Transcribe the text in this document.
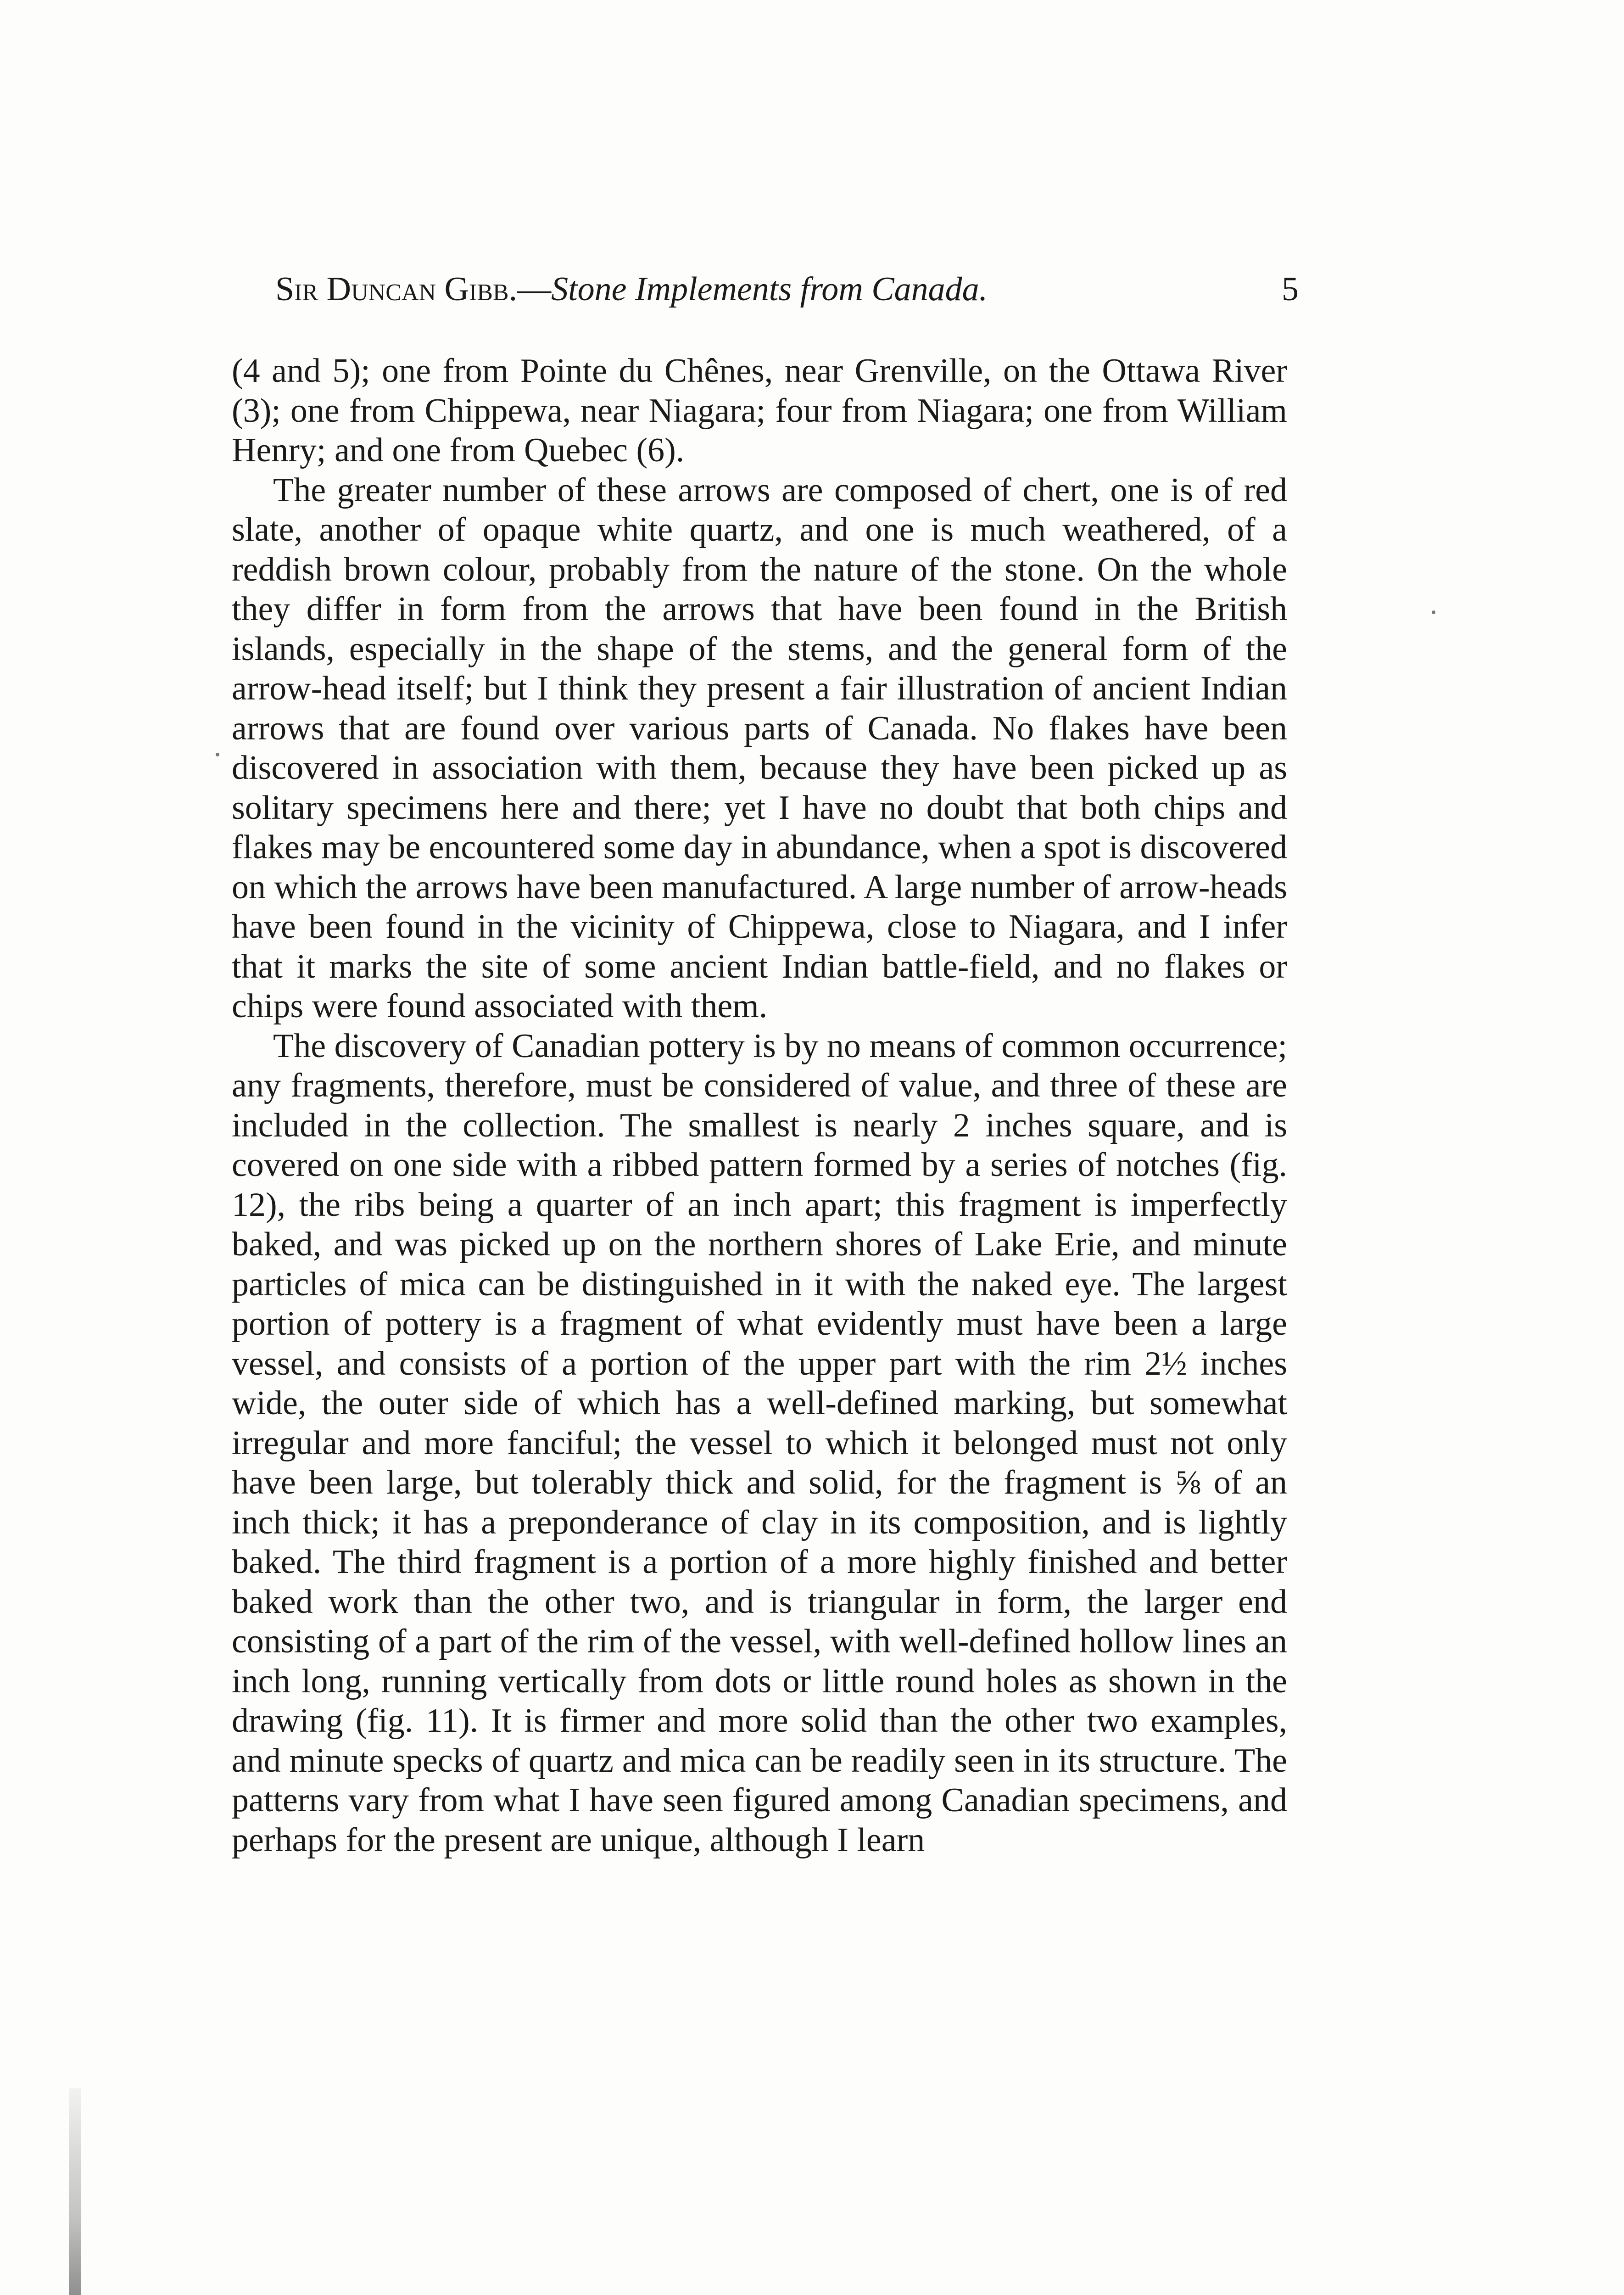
Sir Duncan Gibb.—Stone Implements from Canada.	5

(4 and 5); one from Pointe du Chênes, near Grenville, on the Ottawa River (3); one from Chippewa, near Niagara; four from Niagara; one from William Henry; and one from Quebec (6).

The greater number of these arrows are composed of chert, one is of red slate, another of opaque white quartz, and one is much weathered, of a reddish brown colour, probably from the nature of the stone. On the whole they differ in form from the arrows that have been found in the British islands, especially in the shape of the stems, and the general form of the arrow-head itself; but I think they present a fair illustration of ancient Indian arrows that are found over various parts of Canada. No flakes have been discovered in association with them, because they have been picked up as solitary specimens here and there; yet I have no doubt that both chips and flakes may be encountered some day in abundance, when a spot is discovered on which the arrows have been manufactured. A large number of arrow-heads have been found in the vicinity of Chippewa, close to Niagara, and I infer that it marks the site of some ancient Indian battle-field, and no flakes or chips were found associated with them.

The discovery of Canadian pottery is by no means of common occurrence; any fragments, therefore, must be considered of value, and three of these are included in the collection. The smallest is nearly 2 inches square, and is covered on one side with a ribbed pattern formed by a series of notches (fig. 12), the ribs being a quarter of an inch apart; this fragment is imperfectly baked, and was picked up on the northern shores of Lake Erie, and minute particles of mica can be distinguished in it with the naked eye. The largest portion of pottery is a fragment of what evidently must have been a large vessel, and consists of a portion of the upper part with the rim 2½ inches wide, the outer side of which has a well-defined marking, but somewhat irregular and more fanciful; the vessel to which it belonged must not only have been large, but tolerably thick and solid, for the fragment is ⅝ of an inch thick; it has a preponderance of clay in its composition, and is lightly baked. The third fragment is a portion of a more highly finished and better baked work than the other two, and is triangular in form, the larger end consisting of a part of the rim of the vessel, with well-defined hollow lines an inch long, running vertically from dots or little round holes as shown in the drawing (fig. 11). It is firmer and more solid than the other two examples, and minute specks of quartz and mica can be readily seen in its structure. The patterns vary from what I have seen figured among Canadian specimens, and perhaps for the present are unique, although I learn
